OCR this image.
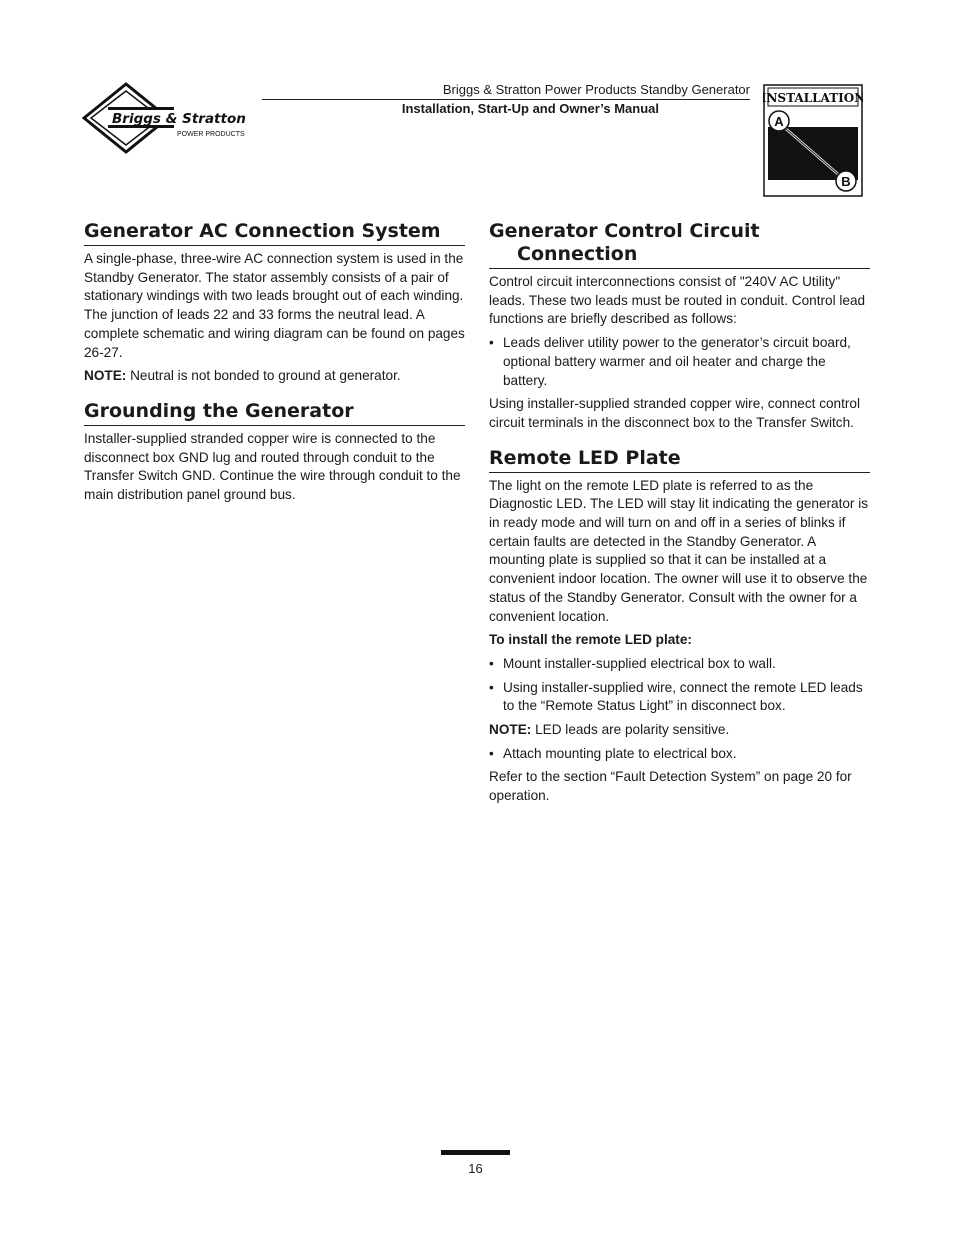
Briggs & Stratton
POWER PRODUCTS
Briggs & Stratton Power Products Standby Generator
Installation, Start-Up and Owner’s Manual
INSTALLATION
A
B
Generator AC Connection System

A single-phase, three-wire AC connection system is used in the Standby Generator. The stator assembly consists of a pair of stationary windings with two leads brought out of each winding. The junction of leads 22 and 33 forms the neutral lead. A complete schematic and wiring diagram can be found on pages 26-27.

NOTE: Neutral is not bonded to ground at generator.

Grounding the Generator

Installer-supplied stranded copper wire is connected to the disconnect box GND lug and routed through conduit to the Transfer Switch GND. Continue the wire through conduit to the main distribution panel ground bus.

Generator Control Circuit
Connection

Control circuit interconnections consist of "240V AC Utility" leads. These two leads must be routed in conduit. Control lead functions are briefly described as follows:

• Leads deliver utility power to the generator’s circuit board, optional battery warmer and oil heater and charge the battery.

Using installer-supplied stranded copper wire, connect control circuit terminals in the disconnect box to the Transfer Switch.

Remote LED Plate

The light on the remote LED plate is referred to as the Diagnostic LED. The LED will stay lit indicating the generator is in ready mode and will turn on and off in a series of blinks if certain faults are detected in the Standby Generator. A mounting plate is supplied so that it can be installed at a convenient indoor location. The owner will use it to observe the status of the Standby Generator. Consult with the owner for a convenient location.

To install the remote LED plate:

• Mount installer-supplied electrical box to wall.
• Using installer-supplied wire, connect the remote LED leads to the “Remote Status Light” in disconnect box.

NOTE: LED leads are polarity sensitive.

• Attach mounting plate to electrical box.

Refer to the section “Fault Detection System” on page 20 for operation.

16
